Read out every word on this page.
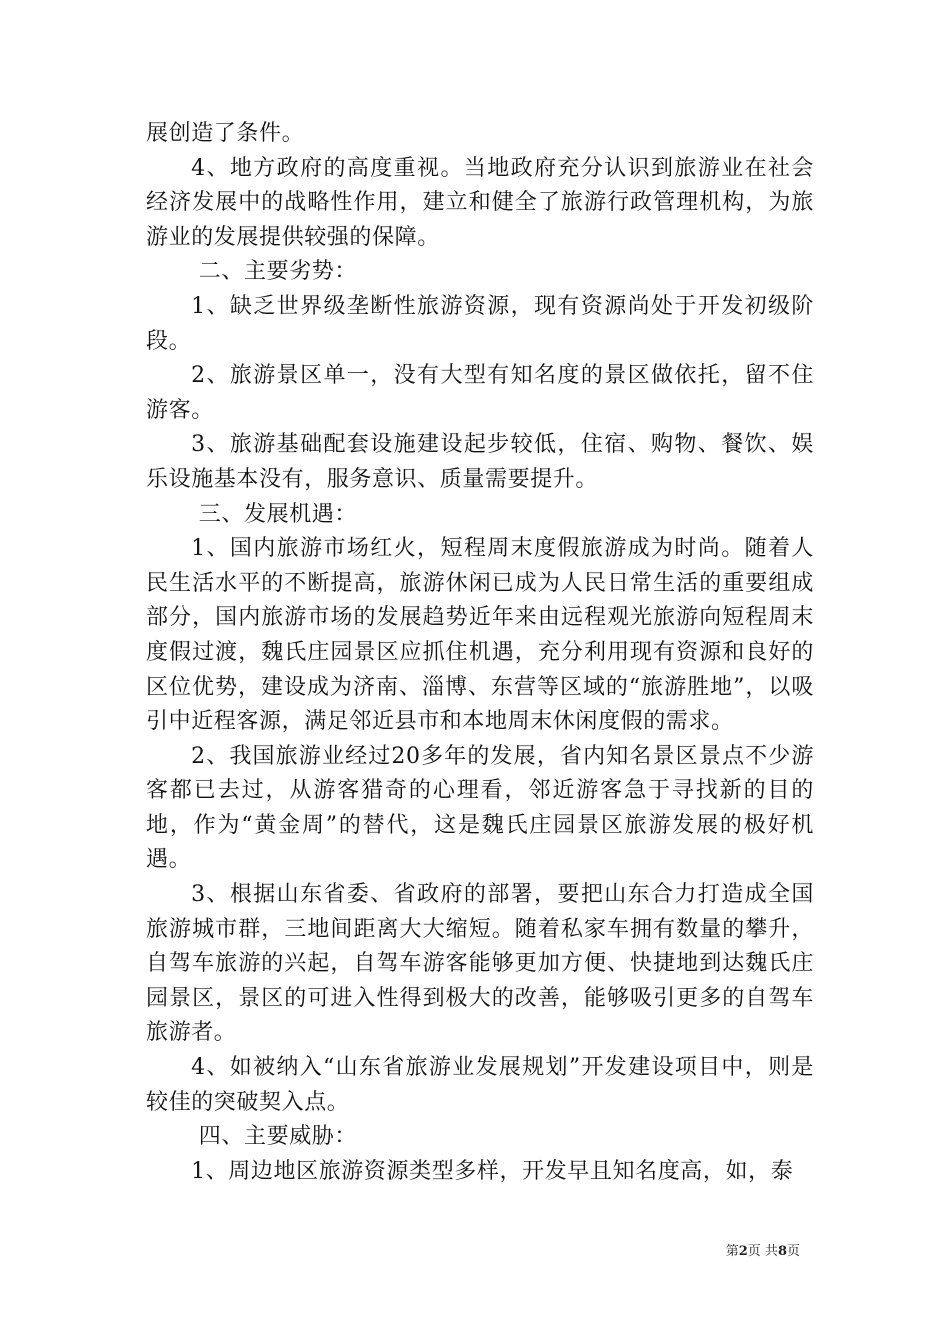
展创造了条件。

4、地方政府的高度重视。当地政府充分认识到旅游业在社会经济发展中的战略性作用，建立和健全了旅游行政管理机构，为旅游业的发展提供较强的保障。

二、主要劣势：

1、缺乏世界级垄断性旅游资源，现有资源尚处于开发初级阶段。

2、旅游景区单一，没有大型有知名度的景区做依托，留不住游客。

3、旅游基础配套设施建设起步较低，住宿、购物、餐饮、娱乐设施基本没有，服务意识、质量需要提升。

三、发展机遇：

1、国内旅游市场红火，短程周末度假旅游成为时尚。随着人民生活水平的不断提高，旅游休闲已成为人民日常生活的重要组成部分，国内旅游市场的发展趋势近年来由远程观光旅游向短程周末度假过渡，魏氏庄园景区应抓住机遇，充分利用现有资源和良好的区位优势，建设成为济南、淄博、东营等区域的“旅游胜地”，以吸引中近程客源，满足邻近县市和本地周末休闲度假的需求。

2、我国旅游业经过20多年的发展，省内知名景区景点不少游客都已去过，从游客猎奇的心理看，邻近游客急于寻找新的目的地，作为“黄金周”的替代，这是魏氏庄园景区旅游发展的极好机遇。

3、根据山东省委、省政府的部署，要把山东合力打造成全国旅游城市群，三地间距离大大缩短。随着私家车拥有数量的攀升，自驾车旅游的兴起，自驾车游客能够更加方便、快捷地到达魏氏庄园景区，景区的可进入性得到极大的改善，能够吸引更多的自驾车旅游者。

4、如被纳入“山东省旅游业发展规划”开发建设项目中，则是较佳的突破契入点。

四、主要威胁：

1、周边地区旅游资源类型多样，开发早且知名度高，如，泰

第2页 共8页
